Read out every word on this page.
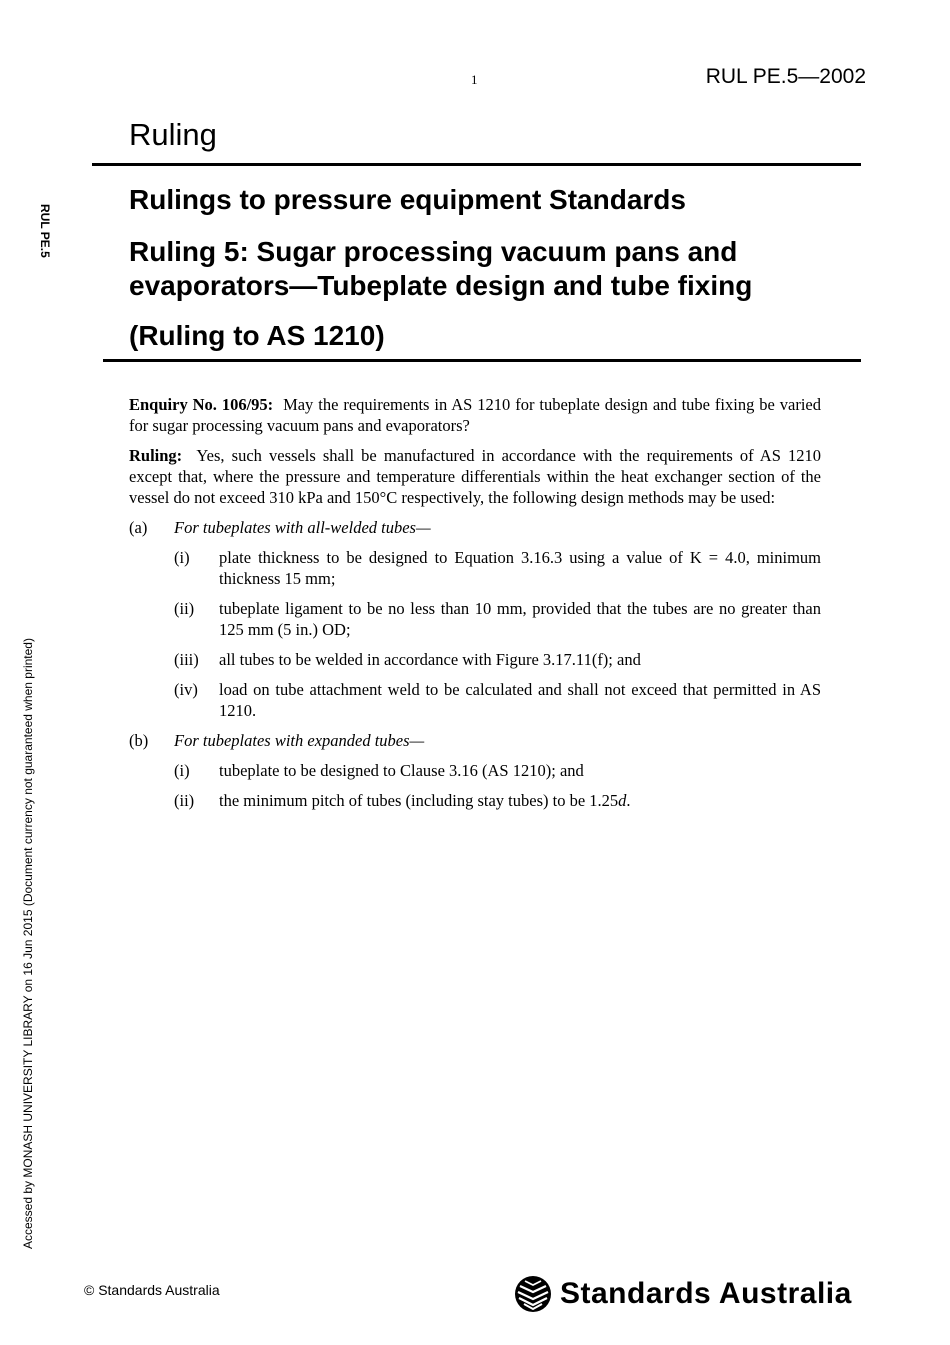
1	RUL PE.5—2002
Ruling
Rulings to pressure equipment Standards
Ruling 5: Sugar processing vacuum pans and
evaporators—Tubeplate design and tube fixing
(Ruling to AS 1210)

Enquiry No. 106/95: May the requirements in AS 1210 for tubeplate design and tube fixing be varied for sugar processing vacuum pans and evaporators?

Ruling: Yes, such vessels shall be manufactured in accordance with the requirements of AS 1210 except that, where the pressure and temperature differentials within the heat exchanger section of the vessel do not exceed 310 kPa and 150°C respectively, the following design methods may be used:

(a)	For tubeplates with all-welded tubes—
(i)	plate thickness to be designed to Equation 3.16.3 using a value of K = 4.0, minimum thickness 15 mm;
(ii)	tubeplate ligament to be no less than 10 mm, provided that the tubes are no greater than 125 mm (5 in.) OD;
(iii)	all tubes to be welded in accordance with Figure 3.17.11(f); and
(iv)	load on tube attachment weld to be calculated and shall not exceed that permitted in AS 1210.
(b)	For tubeplates with expanded tubes—
(i)	tubeplate to be designed to Clause 3.16 (AS 1210); and
(ii)	the minimum pitch of tubes (including stay tubes) to be 1.25d.
RUL PE.5
Accessed by MONASH UNIVERSITY LIBRARY on 16 Jun 2015 (Document currency not guaranteed when printed)
© Standards Australia	Standards Australia
